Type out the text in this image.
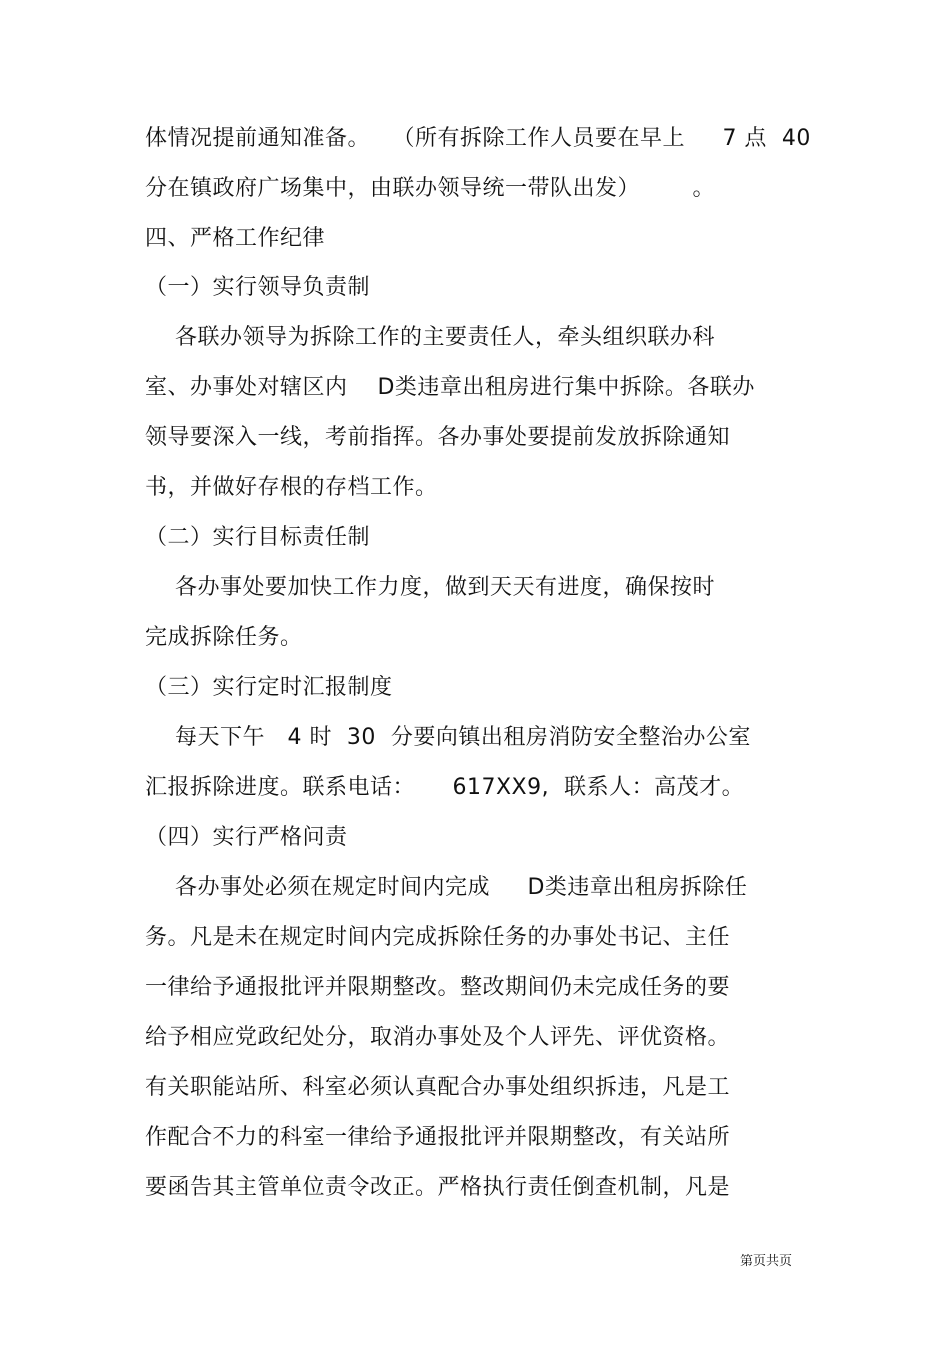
体情况提前通知准备。   （所有拆除工作人员要在早上     7 点  40
分在镇政府广场集中，由联办领导统一带队出发）       。
四、严格工作纪律
（一）实行领导负责制
各联办领导为拆除工作的主要责任人，牵头组织联办科
室、办事处对辖区内    D类违章出租房进行集中拆除。各联办
领导要深入一线，考前指挥。各办事处要提前发放拆除通知
书，并做好存根的存档工作。
（二）实行目标责任制
各办事处要加快工作力度，做到天天有进度，确保按时
完成拆除任务。
（三）实行定时汇报制度
每天下午   4 时  30  分要向镇出租房消防安全整治办公室
汇报拆除进度。联系电话：     617XX9,  联系人：高茂才。
（四）实行严格问责
各办事处必须在规定时间内完成     D类违章出租房拆除任
务。凡是未在规定时间内完成拆除任务的办事处书记、主任
一律给予通报批评并限期整改。整改期间仍未完成任务的要
给予相应党政纪处分，取消办事处及个人评先、评优资格。
有关职能站所、科室必须认真配合办事处组织拆违，凡是工
作配合不力的科室一律给予通报批评并限期整改，有关站所
要函告其主管单位责令改正。严格执行责任倒查机制，凡是
第页共页
